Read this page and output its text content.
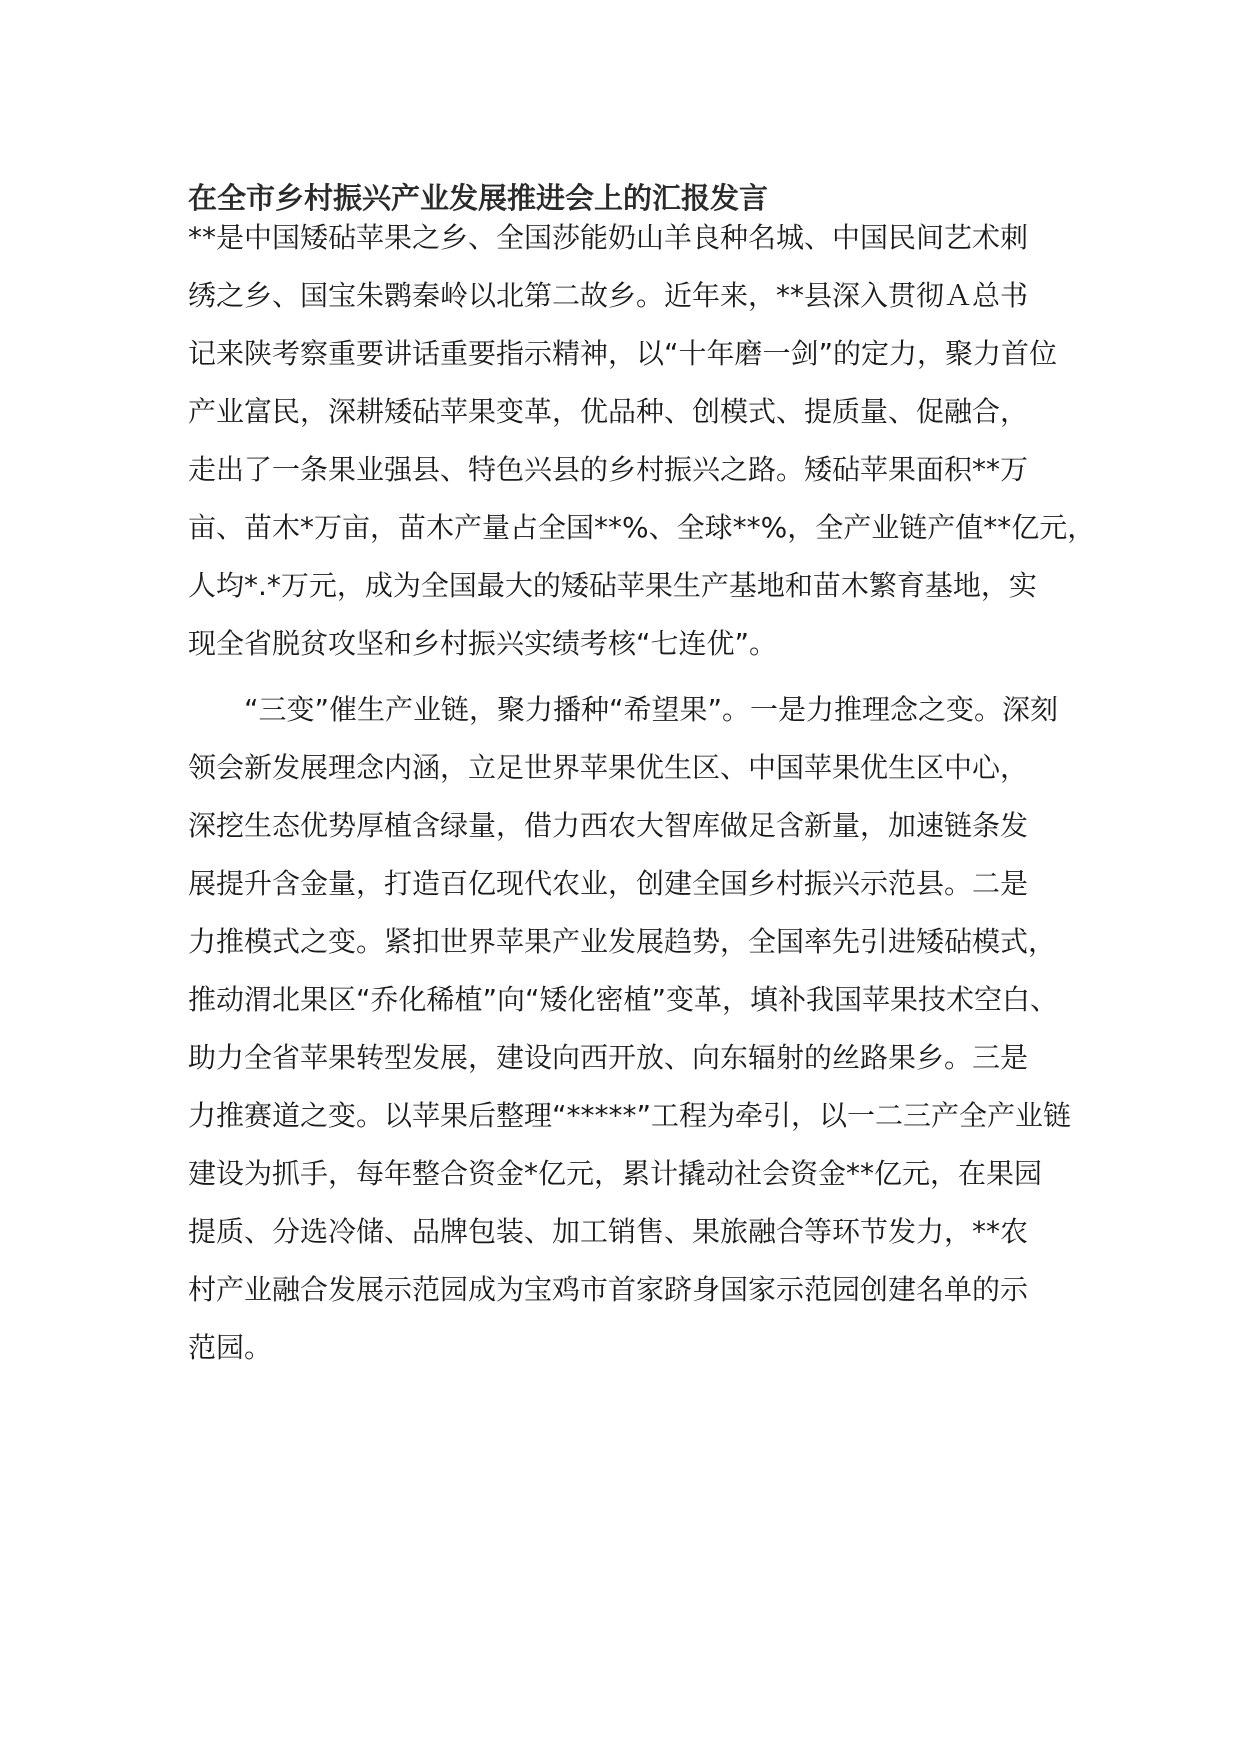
在全市乡村振兴产业发展推进会上的汇报发言

**是中国矮砧苹果之乡、全国莎能奶山羊良种名城、中国民间艺术刺

绣之乡、国宝朱鹮秦岭以北第二故乡。近年来，**县深入贯彻Ａ总书

记来陕考察重要讲话重要指示精神，以“十年磨一剑”的定力，聚力首位

产业富民，深耕矮砧苹果变革，优品种、创模式、提质量、促融合，

走出了一条果业强县、特色兴县的乡村振兴之路。矮砧苹果面积**万

亩、苗木*万亩，苗木产量占全国**%、全球**%，全产业链产值**亿元，

人均*.*万元，成为全国最大的矮砧苹果生产基地和苗木繁育基地，实

现全省脱贫攻坚和乡村振兴实绩考核“七连优”。

“三变”催生产业链，聚力播种“希望果”。一是力推理念之变。深刻

领会新发展理念内涵，立足世界苹果优生区、中国苹果优生区中心，

深挖生态优势厚植含绿量，借力西农大智库做足含新量，加速链条发

展提升含金量，打造百亿现代农业，创建全国乡村振兴示范县。二是

力推模式之变。紧扣世界苹果产业发展趋势，全国率先引进矮砧模式，

推动渭北果区“乔化稀植”向“矮化密植”变革，填补我国苹果技术空白、

助力全省苹果转型发展，建设向西开放、向东辐射的丝路果乡。三是

力推赛道之变。以苹果后整理“*****”工程为牵引，以一二三产全产业链

建设为抓手，每年整合资金*亿元，累计撬动社会资金**亿元，在果园

提质、分选冷储、品牌包装、加工销售、果旅融合等环节发力，**农

村产业融合发展示范园成为宝鸡市首家跻身国家示范园创建名单的示

范园。
